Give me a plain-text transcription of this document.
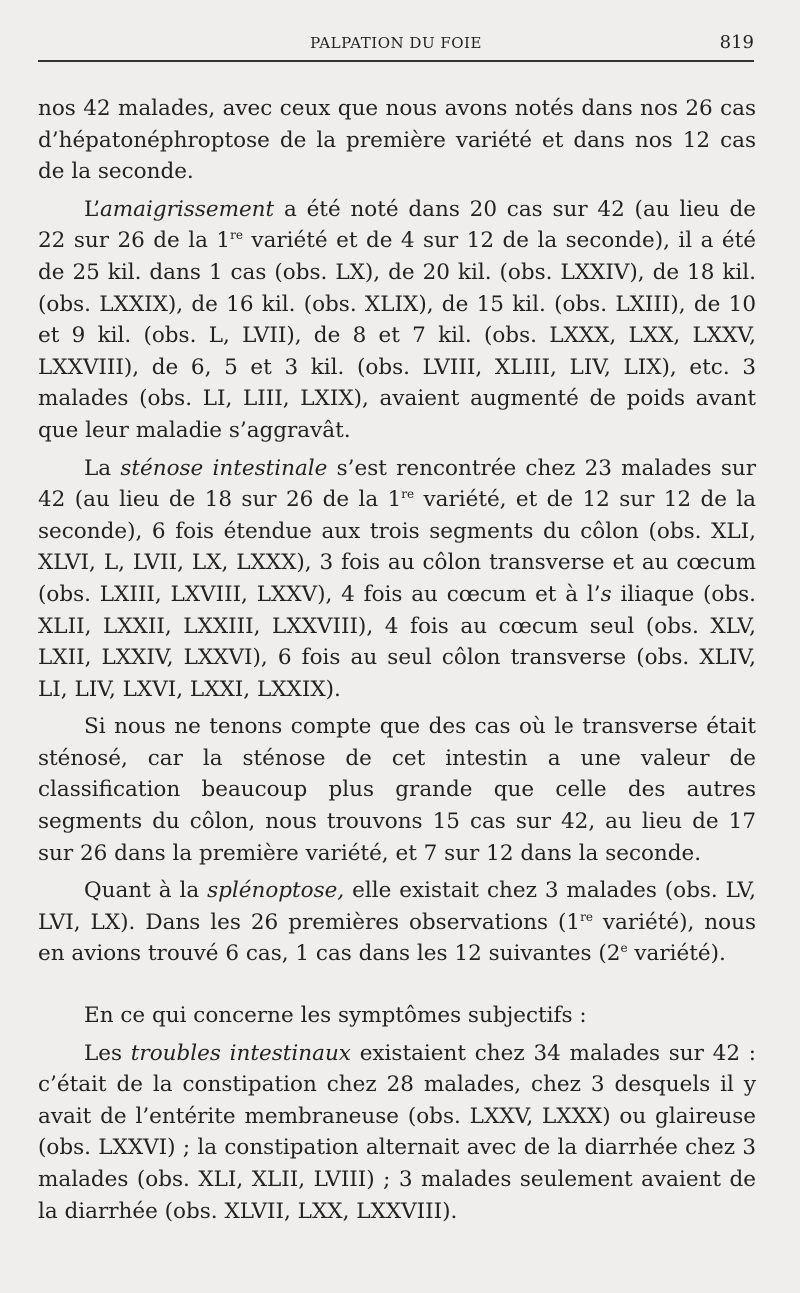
PALPATION DU FOIE	819

nos 42 malades, avec ceux que nous avons notés dans nos 26 cas d’hépatonéphroptose de la première variété et dans nos 12 cas de la seconde.

L’amaigrissement a été noté dans 20 cas sur 42 (au lieu de 22 sur 26 de la 1re variété et de 4 sur 12 de la seconde), il a été de 25 kil. dans 1 cas (obs. LX), de 20 kil. (obs. LXXIV), de 18 kil. (obs. LXXIX), de 16 kil. (obs. XLIX), de 15 kil. (obs. LXIII), de 10 et 9 kil. (obs. L, LVII), de 8 et 7 kil. (obs. LXXX, LXX, LXXV, LXXVIII), de 6, 5 et 3 kil. (obs. LVIII, XLIII, LIV, LIX), etc. 3 malades (obs. LI, LIII, LXIX), avaient augmenté de poids avant que leur maladie s’aggravât.

La sténose intestinale s’est rencontrée chez 23 malades sur 42 (au lieu de 18 sur 26 de la 1re variété, et de 12 sur 12 de la seconde), 6 fois étendue aux trois segments du côlon (obs. XLI, XLVI, L, LVII, LX, LXXX), 3 fois au côlon transverse et au cœcum (obs. LXIII, LXVIII, LXXV), 4 fois au cœcum et à l’s iliaque (obs. XLII, LXXII, LXXIII, LXXVIII), 4 fois au cœcum seul (obs. XLV, LXII, LXXIV, LXXVI), 6 fois au seul côlon transverse (obs. XLIV, LI, LIV, LXVI, LXXI, LXXIX).

Si nous ne tenons compte que des cas où le transverse était sténosé, car la sténose de cet intestin a une valeur de classification beaucoup plus grande que celle des autres segments du côlon, nous trouvons 15 cas sur 42, au lieu de 17 sur 26 dans la première variété, et 7 sur 12 dans la seconde.

Quant à la splénoptose, elle existait chez 3 malades (obs. LV, LVI, LX). Dans les 26 premières observations (1re variété), nous en avions trouvé 6 cas, 1 cas dans les 12 suivantes (2e variété).

En ce qui concerne les symptômes subjectifs :

Les troubles intestinaux existaient chez 34 malades sur 42 : c’était de la constipation chez 28 malades, chez 3 desquels il y avait de l’entérite membraneuse (obs. LXXV, LXXX) ou glaireuse (obs. LXXVI) ; la constipation alternait avec de la diarrhée chez 3 malades (obs. XLI, XLII, LVIII) ; 3 malades seulement avaient de la diarrhée (obs. XLVII, LXX, LXXVIII).
